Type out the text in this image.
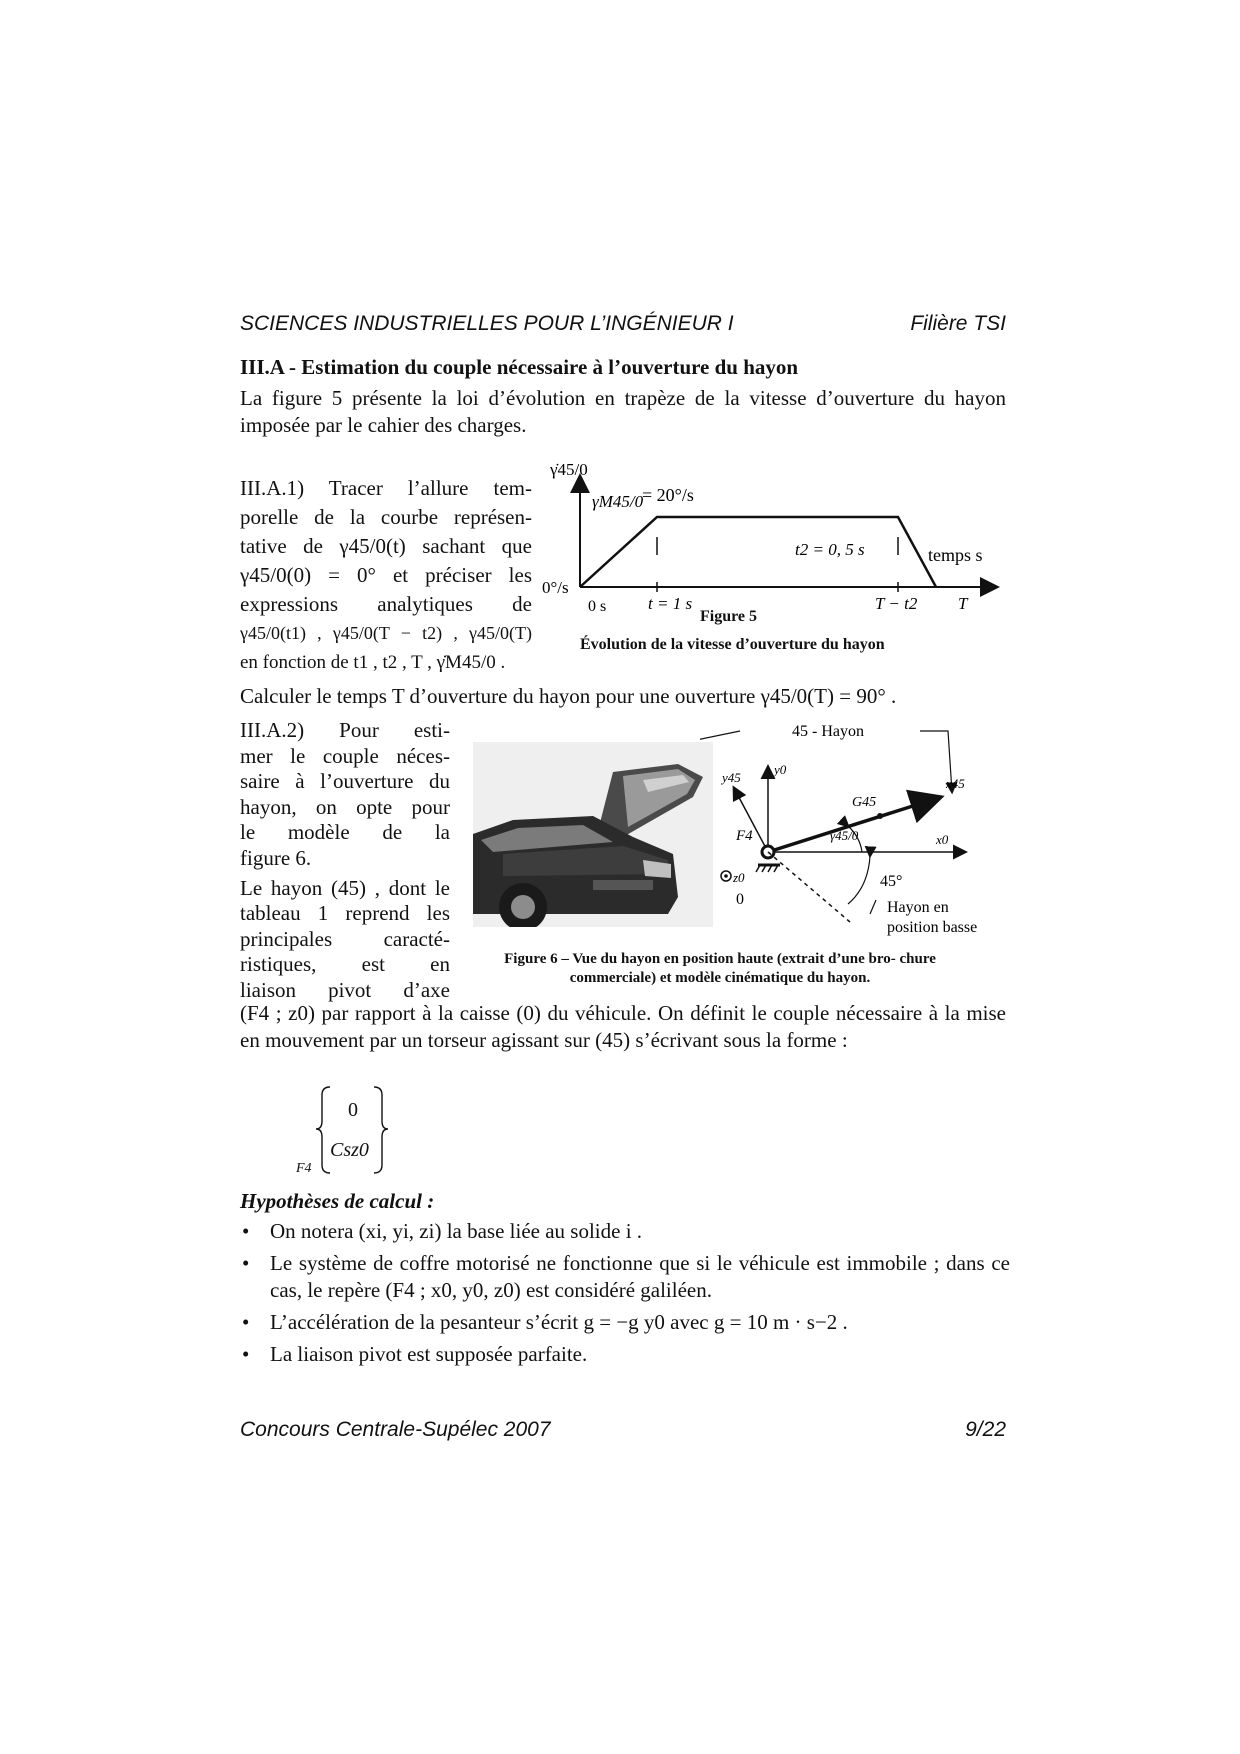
SCIENCES INDUSTRIELLES POUR L’INGÉNIEUR I	Filière TSI
III.A - Estimation du couple nécessaire à l’ouverture du hayon
La figure 5 présente la loi d’évolution en trapèze de la vitesse d’ouverture du hayon imposée par le cahier des charges.
III.A.1) Tracer l’allure tem-
porelle de la courbe représen-
tative de γ45/0(t) sachant que
γ45/0(0) = 0° et préciser les
expressions analytiques de
γ45/0(t1) , γ45/0(T − t2) , γ45/0(T)
en fonction de t1 , t2 , T , γ̇M45/0 .
γ̇45/0
γ̇M45/0
= 20°/s
t2 = 0, 5 s	temps s
0°/s
0 s t = 1 s	T − t2 T
Figure 5
Évolution de la vitesse d’ouverture du hayon
Calculer le temps T d’ouverture du hayon pour une ouverture γ45/0(T) = 90° .
III.A.2) Pour esti-
mer le couple néces-
saire à l’ouverture du
hayon, on opte pour
le modèle de la
figure 6.
Le hayon (45) , dont le
tableau 1 reprend les
principales caracté-
ristiques, est en
liaison pivot d’axe
45 - Hayon
y45
y0
x45
x0
G45
F4
z0
γ45/0
45°
0	Hayon en
position basse
Figure 6 – Vue du hayon en position haute (extrait d’une bro- chure commerciale) et modèle cinématique du hayon.
(F4 ; z0) par rapport à la caisse (0) du véhicule. On définit le couple nécessaire à la mise en mouvement par un torseur agissant sur (45) s’écrivant sous la forme :
0
Csz0
F4
Hypothèses de calcul :
• On notera (xi, yi, zi) la base liée au solide i .
• Le système de coffre motorisé ne fonctionne que si le véhicule est immobile ; dans ce cas, le repère (F4 ; x0, y0, z0) est considéré galiléen.
• L’accélération de la pesanteur s’écrit g = −g y0 avec g = 10 m · s−2 .
• La liaison pivot est supposée parfaite.
Concours Centrale-Supélec 2007	9/22
